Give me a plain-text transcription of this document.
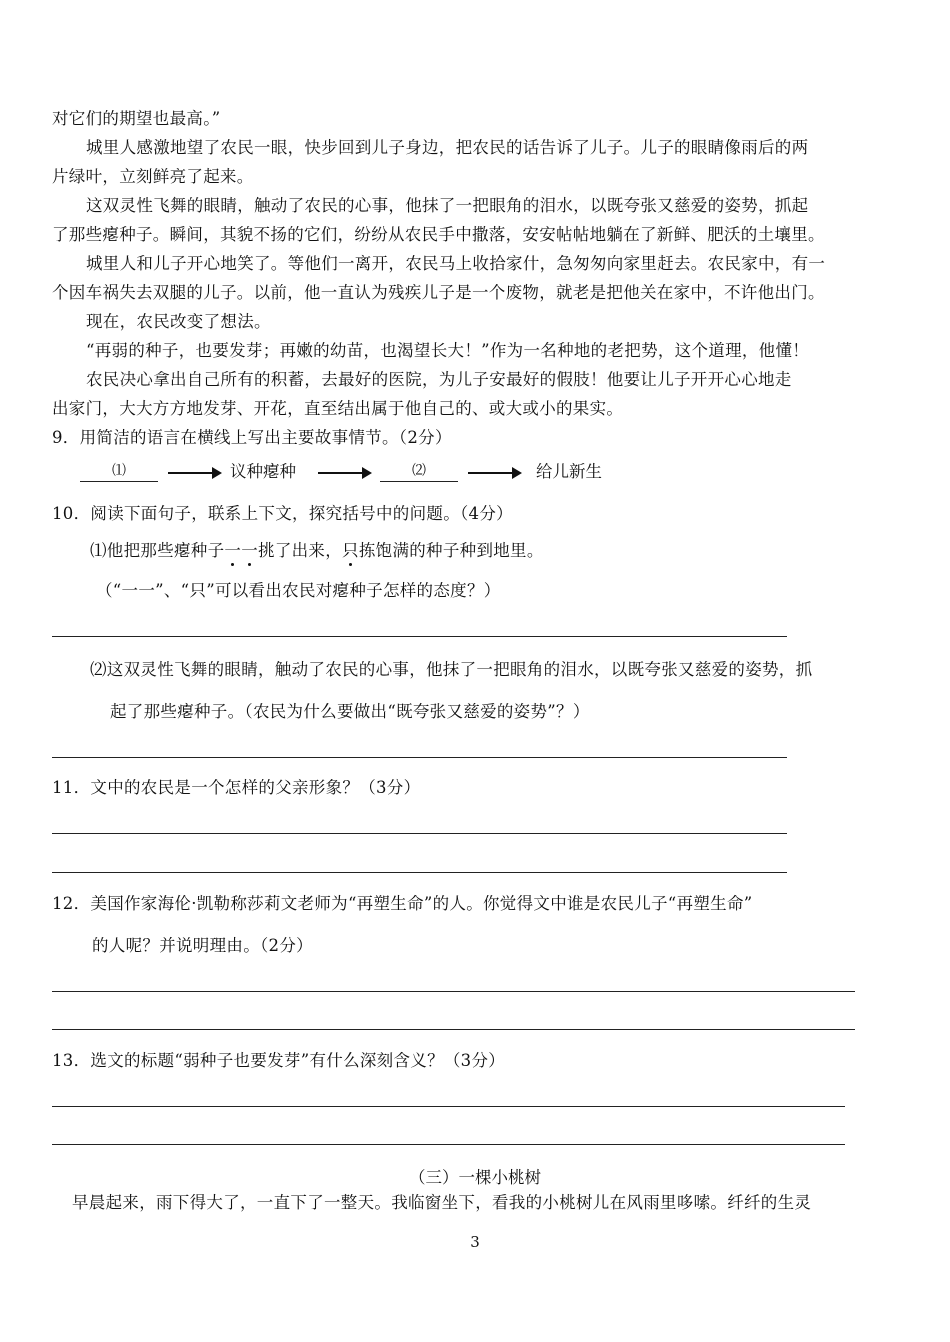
对它们的期望也最高。”
城里人感激地望了农民一眼，快步回到儿子身边，把农民的话告诉了儿子。儿子的眼睛像雨后的两
片绿叶，立刻鲜亮了起来。
这双灵性飞舞的眼睛，触动了农民的心事，他抹了一把眼角的泪水，以既夸张又慈爱的姿势，抓起
了那些瘪种子。瞬间，其貌不扬的它们，纷纷从农民手中撒落，安安帖帖地躺在了新鲜、肥沃的土壤里。
城里人和儿子开心地笑了。等他们一离开，农民马上收拾家什，急匆匆向家里赶去。农民家中，有一
个因车祸失去双腿的儿子。以前，他一直认为残疾儿子是一个废物，就老是把他关在家中，不许他出门。
现在，农民改变了想法。
“再弱的种子，也要发芽；再嫩的幼苗，也渴望长大！”作为一名种地的老把势，这个道理，他懂！
农民决心拿出自己所有的积蓄，去最好的医院，为儿子安最好的假肢！他要让儿子开开心心地走
出家门，大大方方地发芽、开花，直至结出属于他自己的、或大或小的果实。
9．用简洁的语言在横线上写出主要故事情节。（2分）
⑴	议种瘪种	⑵	给儿新生
10．阅读下面句子，联系上下文，探究括号中的问题。（4分）
⑴他把那些瘪种子一一挑了出来，只拣饱满的种子种到地里。
（“一一”、“只”可以看出农民对瘪种子怎样的态度？）
⑵这双灵性飞舞的眼睛，触动了农民的心事，他抹了一把眼角的泪水，以既夸张又慈爱的姿势，抓
起了那些瘪种子。（农民为什么要做出“既夸张又慈爱的姿势”？）
11．文中的农民是一个怎样的父亲形象？（3分）
12．美国作家海伦·凯勒称莎莉文老师为“再塑生命”的人。你觉得文中谁是农民儿子“再塑生命”
的人呢？并说明理由。（2分）
13．选文的标题“弱种子也要发芽”有什么深刻含义？（3分）
（三）一棵小桃树
早晨起来，雨下得大了，一直下了一整天。我临窗坐下，看我的小桃树儿在风雨里哆嗦。纤纤的生灵
3
